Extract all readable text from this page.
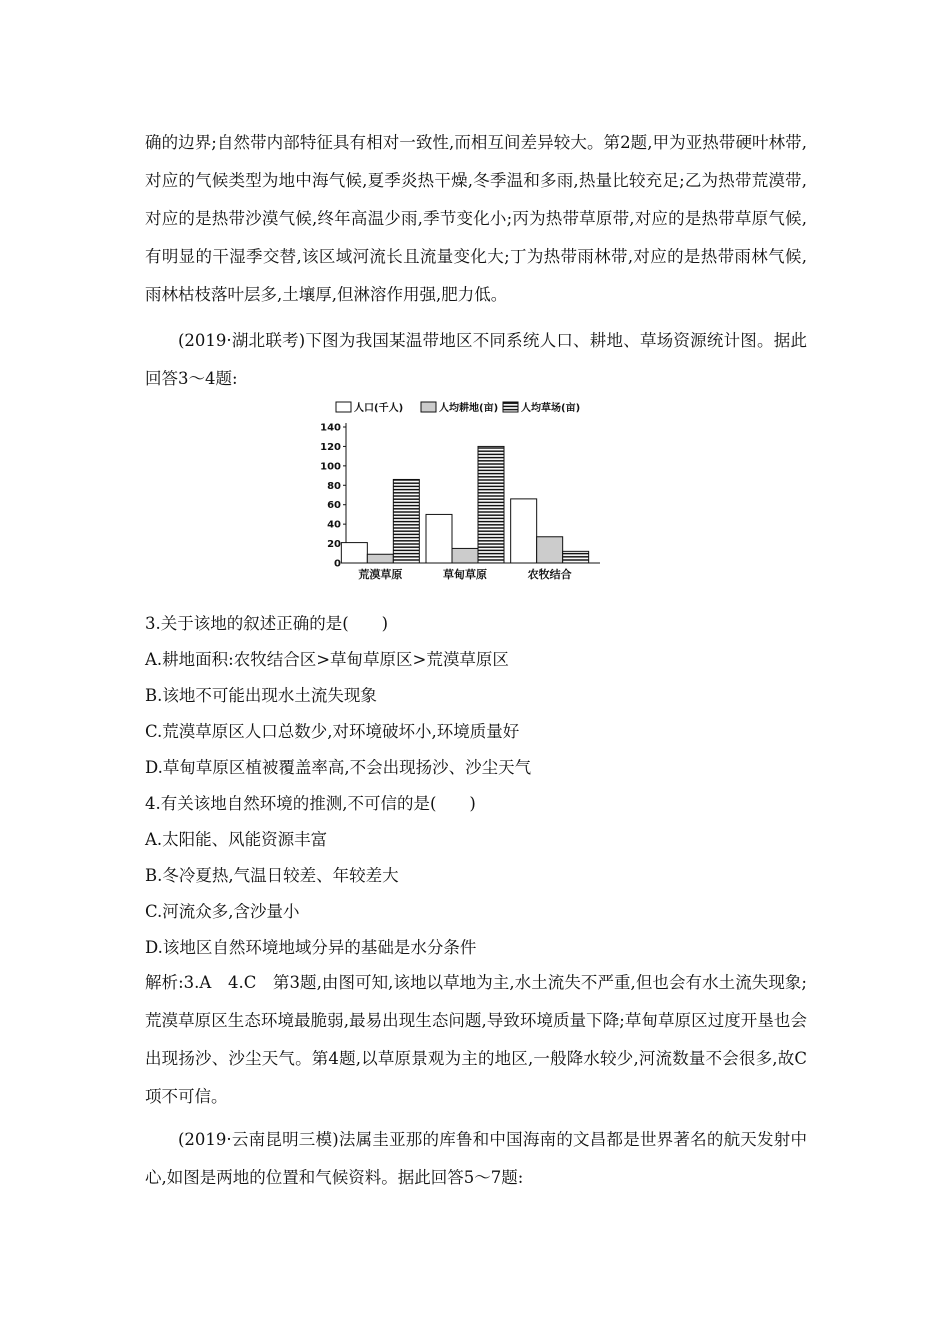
确的边界;自然带内部特征具有相对一致性,而相互间差异较大。第2题,甲为亚热带硬叶林带,对应的气候类型为地中海气候,夏季炎热干燥,冬季温和多雨,热量比较充足;乙为热带荒漠带,对应的是热带沙漠气候,终年高温少雨,季节变化小;丙为热带草原带,对应的是热带草原气候,有明显的干湿季交替,该区域河流长且流量变化大;丁为热带雨林带,对应的是热带雨林气候,雨林枯枝落叶层多,土壤厚,但淋溶作用强,肥力低。
(2019·湖北联考)下图为我国某温带地区不同系统人口、耕地、草场资源统计图。据此回答3～4题:
人口(千人)	人均耕地(亩) 人均草场(亩)
0
20
40
60
80
100
120
140
荒漠草原	草甸草原	农牧结合
3.关于该地的叙述正确的是(　　)
A.耕地面积:农牧结合区>草甸草原区>荒漠草原区
B.该地不可能出现水土流失现象
C.荒漠草原区人口总数少,对环境破坏小,环境质量好
D.草甸草原区植被覆盖率高,不会出现扬沙、沙尘天气
4.有关该地自然环境的推测,不可信的是(　　)
A.太阳能、风能资源丰富
B.冬冷夏热,气温日较差、年较差大
C.河流众多,含沙量小
D.该地区自然环境地域分异的基础是水分条件
解析:3.A　4.C　第3题,由图可知,该地以草地为主,水土流失不严重,但也会有水土流失现象;荒漠草原区生态环境最脆弱,最易出现生态问题,导致环境质量下降;草甸草原区过度开垦也会出现扬沙、沙尘天气。第4题,以草原景观为主的地区,一般降水较少,河流数量不会很多,故C项不可信。
(2019·云南昆明三模)法属圭亚那的库鲁和中国海南的文昌都是世界著名的航天发射中心,如图是两地的位置和气候资料。据此回答5～7题:
